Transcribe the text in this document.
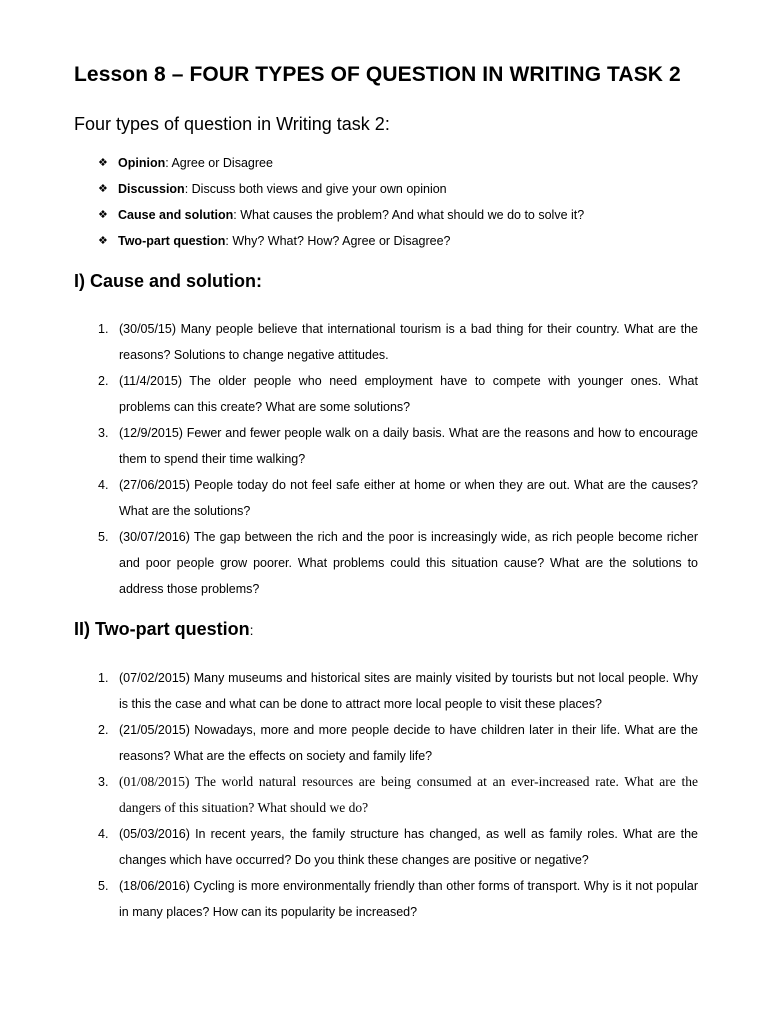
Lesson 8 – FOUR TYPES OF QUESTION IN WRITING TASK 2
Four types of question in Writing task 2:
❖ Opinion: Agree or Disagree
❖ Discussion: Discuss both views and give your own opinion
❖ Cause and solution: What causes the problem? And what should we do to solve it?
❖ Two-part question: Why? What? How? Agree or Disagree?
I) Cause and solution:
1. (30/05/15) Many people believe that international tourism is a bad thing for their country. What are the reasons? Solutions to change negative attitudes.
2. (11/4/2015) The older people who need employment have to compete with younger ones. What problems can this create? What are some solutions?
3. (12/9/2015) Fewer and fewer people walk on a daily basis. What are the reasons and how to encourage them to spend their time walking?
4. (27/06/2015) People today do not feel safe either at home or when they are out. What are the causes? What are the solutions?
5. (30/07/2016) The gap between the rich and the poor is increasingly wide, as rich people become richer and poor people grow poorer. What problems could this situation cause? What are the solutions to address those problems?
II) Two-part question:
1. (07/02/2015) Many museums and historical sites are mainly visited by tourists but not local people. Why is this the case and what can be done to attract more local people to visit these places?
2. (21/05/2015) Nowadays, more and more people decide to have children later in their life. What are the reasons? What are the effects on society and family life?
3. (01/08/2015) The world natural resources are being consumed at an ever-increased rate. What are the dangers of this situation? What should we do?
4. (05/03/2016) In recent years, the family structure has changed, as well as family roles. What are the changes which have occurred? Do you think these changes are positive or negative?
5. (18/06/2016) Cycling is more environmentally friendly than other forms of transport. Why is it not popular in many places? How can its popularity be increased?
